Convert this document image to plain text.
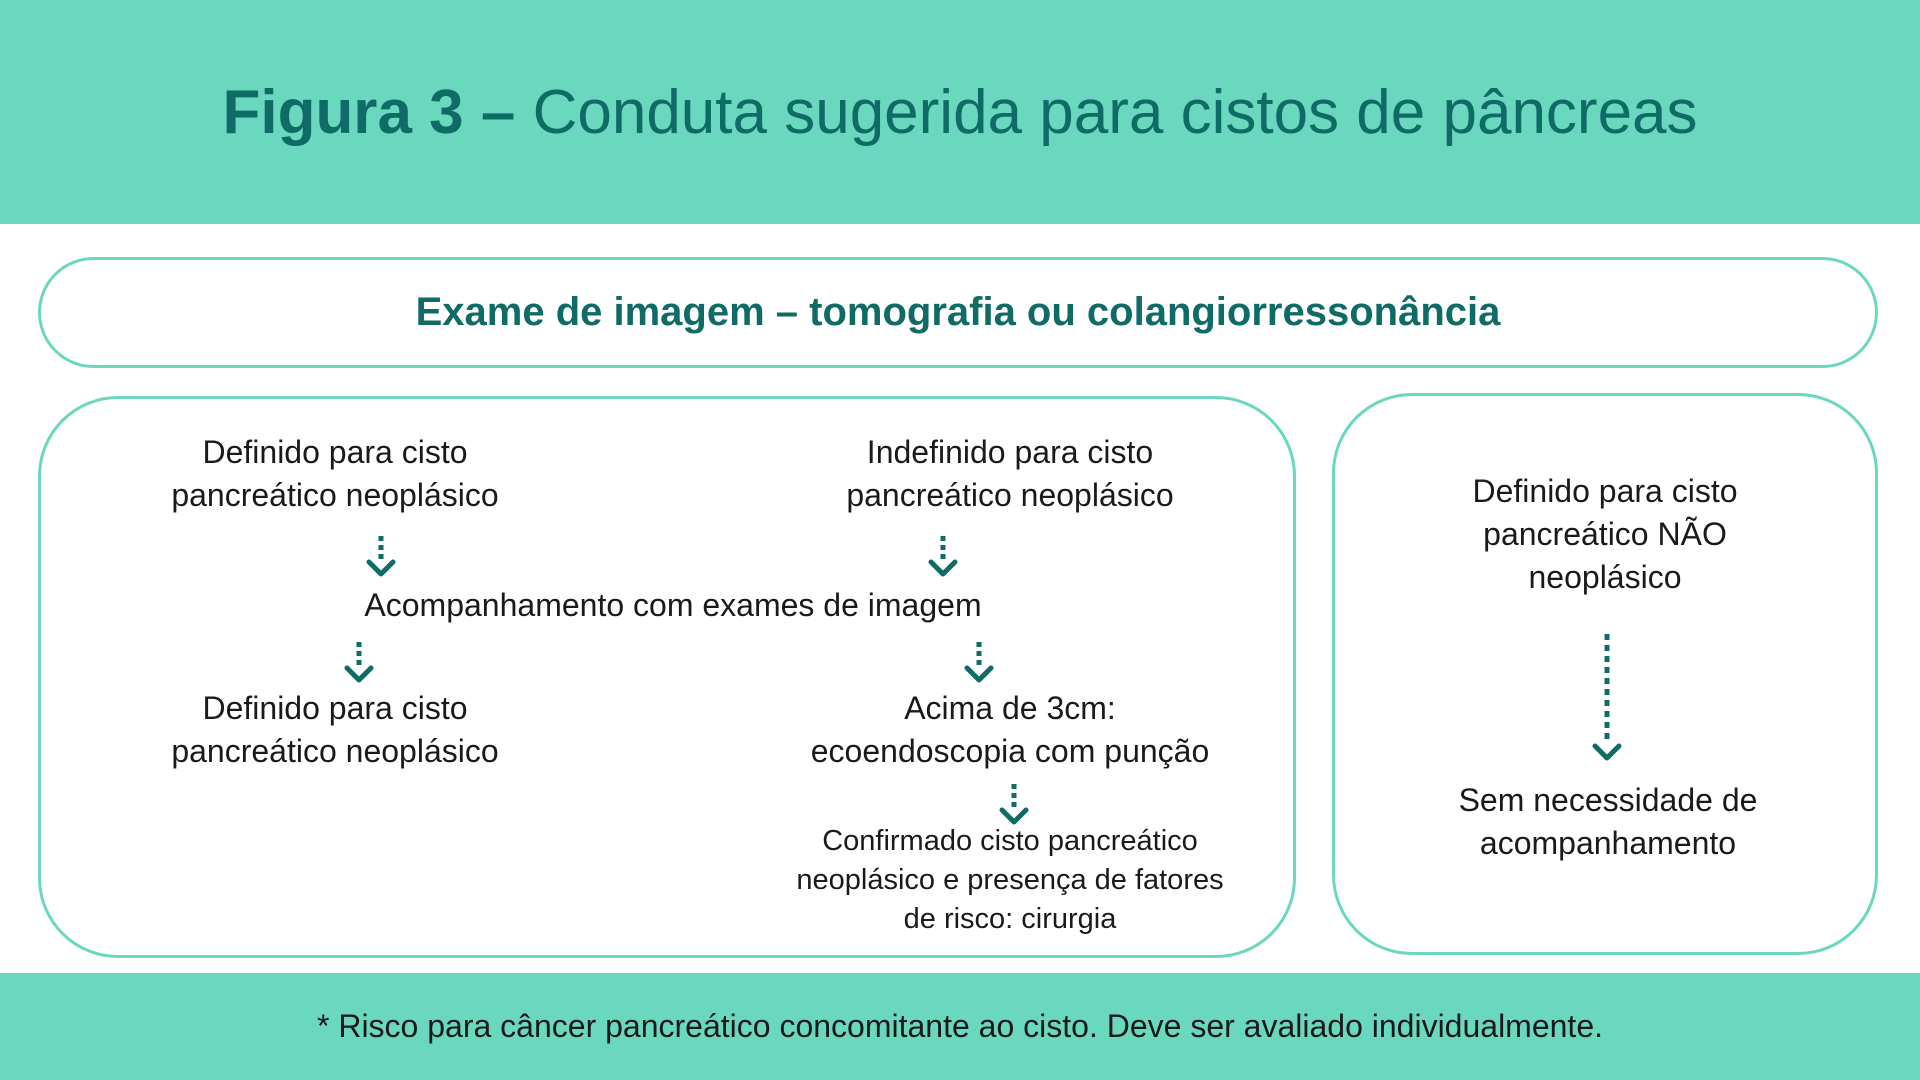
Figura 3 – Conduta sugerida para cistos de pâncreas
Exame de imagem – tomografia ou colangiorressonância
Definido para cisto
pancreático neoplásico
Indefinido para cisto
pancreático neoplásico
Acompanhamento com exames de imagem
Definido para cisto
pancreático neoplásico
Acima de 3cm:
ecoendoscopia com punção
Confirmado cisto pancreático
neoplásico e presença de fatores
de risco: cirurgia
Definido para cisto
pancreático NÃO
neoplásico
Sem necessidade de
acompanhamento
* Risco para câncer pancreático concomitante ao cisto. Deve ser avaliado individualmente.
